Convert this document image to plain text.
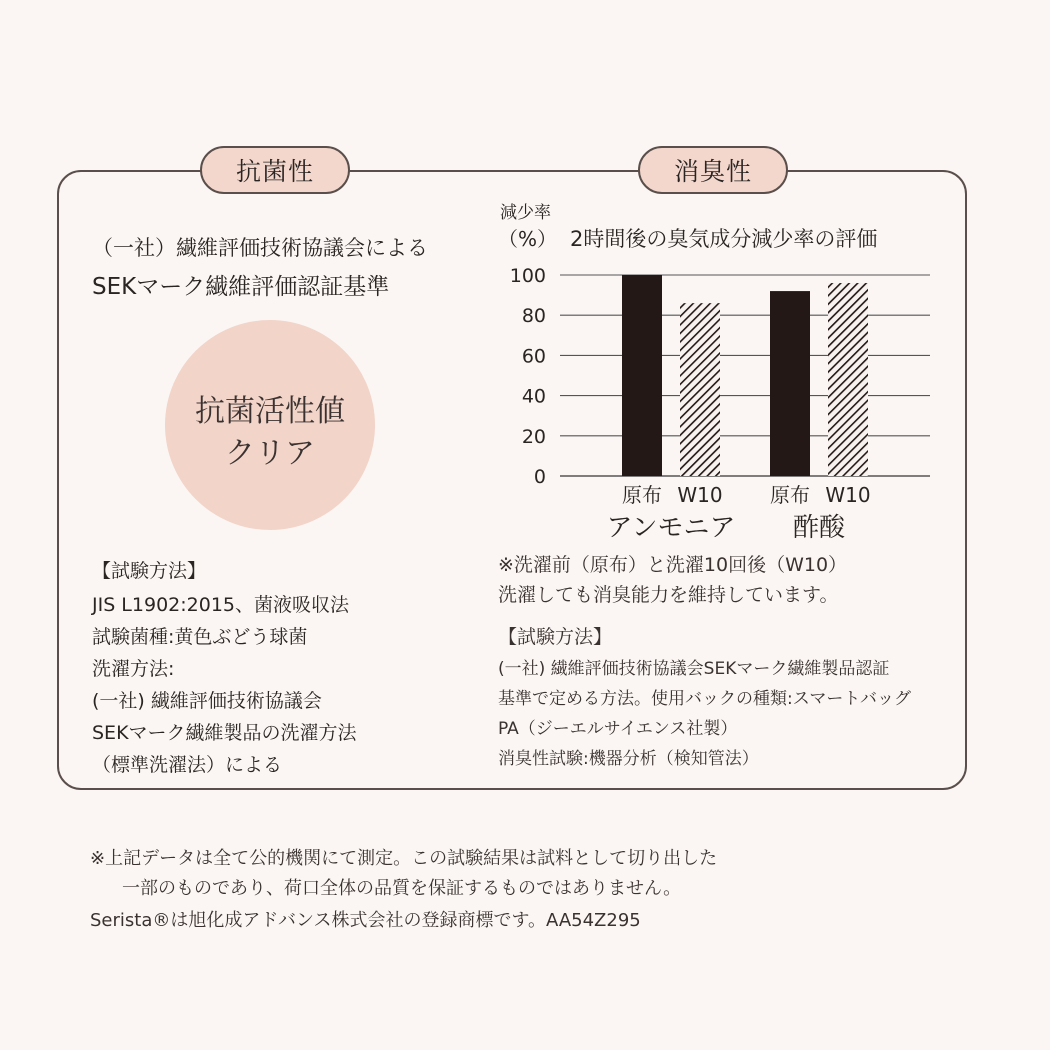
抗菌性	消臭性
（一社）繊維評価技術協議会による
SEKマーク繊維評価認証基準
抗菌活性値
クリア
【試験方法】
JIS L1902:2015、菌液吸収法
試験菌種:黄色ぶどう球菌
洗濯方法:
(一社) 繊維評価技術協議会
SEKマーク繊維製品の洗濯方法
（標準洗濯法）による
減少率
（%） 2時間後の臭気成分減少率の評価
0
20
40
60
80
100
原布 W10
アンモニア
原布 W10
酢酸
※洗濯前（原布）と洗濯10回後（W10）
洗濯しても消臭能力を維持しています。
【試験方法】
(一社) 繊維評価技術協議会SEKマーク繊維製品認証
基準で定める方法。使用バックの種類:スマートバッグ
PA（ジーエルサイエンス社製）
消臭性試験:機器分析（検知管法）
※上記データは全て公的機関にて測定。この試験結果は試料として切り出した
一部のものであり、荷口全体の品質を保証するものではありません。
Serista®は旭化成アドバンス株式会社の登録商標です。AA54Z295
